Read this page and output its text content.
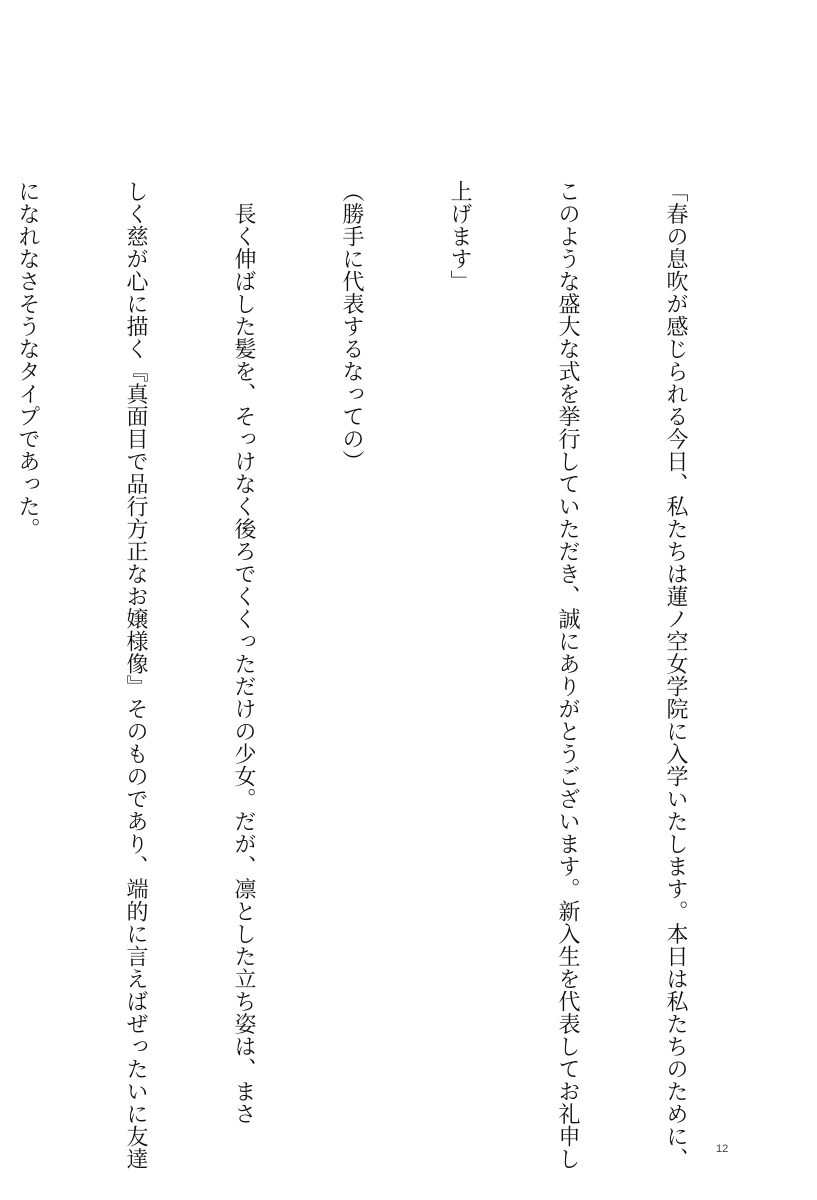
「春の息吹が感じられる今日、私たちは蓮ノ空女学院に入学いたします。本日は私たちのために、

このような盛大な式を挙行していただき、誠にありがとうございます。新入生を代表してお礼申し

上げます」

（勝手に代表するなっての）

　長く伸ばした髪を、そっけなく後ろでくくっただけの少女。だが、凛とした立ち姿は、まさ

しく慈が心に描く『真面目で品行方正なお嬢様像』そのものであり、端的に言えばぜったいに友達

になれなさそうなタイプであった。

12
